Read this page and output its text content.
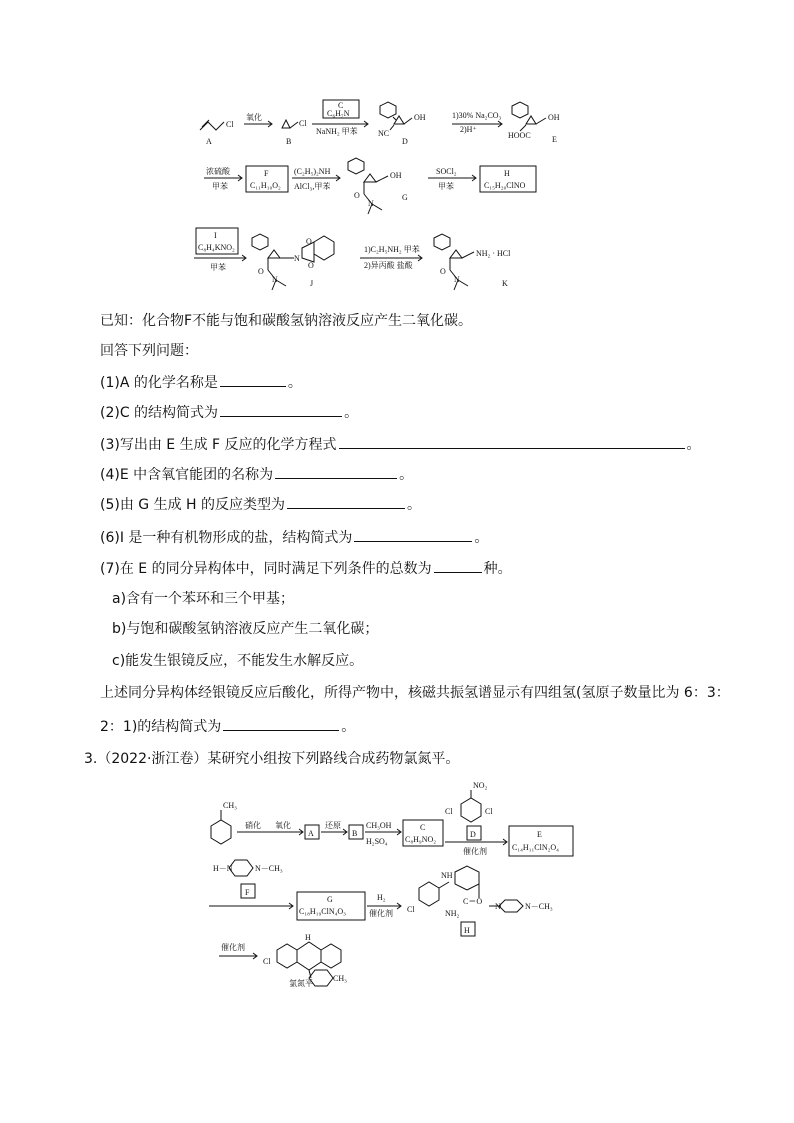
Cl
A
氧化
Cl
B
C
C₆H₇N
NaNH₂ 甲苯	NC
OH
D
1)30% Na₂CO₃
2)H⁺
HOOC
OH
E
浓硫酸
甲苯
F
C₁₁H₁₀O₂
(C₂H₅)₂NH
AlCl₃,甲苯
OH
O
N
G
SOCl₂
甲苯
H
C₁₅H₂₀ClNO
I
C₈H₄KNO₂
甲苯	O
N
N
O
O
J
1)C₂H₅NH₂ 甲苯
2)异丙酸 盐酸
NH₂ · HCl
O
N	K
已知：化合物F不能与饱和碳酸氢钠溶液反应产生二氧化碳。
回答下列问题：
(1)A 的化学名称是	。
(2)C 的结构简式为	。
(3)写出由 E 生成 F 反应的化学方程式	。
(4)E 中含氧官能团的名称为	。
(5)由 G 生成 H 的反应类型为	。
(6)I 是一种有机物形成的盐，结构简式为	。
(7)在 E 的同分异构体中，同时满足下列条件的总数为	种。
a)含有一个苯环和三个甲基；
b)与饱和碳酸氢钠溶液反应产生二氧化碳；
c)能发生银镜反应，不能发生水解反应。
上述同分异构体经银镜反应后酸化，所得产物中，核磁共振氢谱显示有四组氢(氢原子数量比为 6：3：
2：1)的结构简式为	。
3.（2022·浙江卷）某研究小组按下列路线合成药物氯氮平。
CH₃
硝化 氧化
A
还原
B
CH₃OH
H₂SO₄
C
C₈H₉NO₂
NO₂
Cl	Cl
D
催化剂
E
C₁₄H₁₁ClN₂O₄
H－N	N－CH₃
F
G
C₁₈H₁₉ClN₄O₃
H₂
催化剂
NH
Cl	NH₂
C＝O
N	N－CH₃
H
催化剂
H
Cl
CH₃
氯氮平
